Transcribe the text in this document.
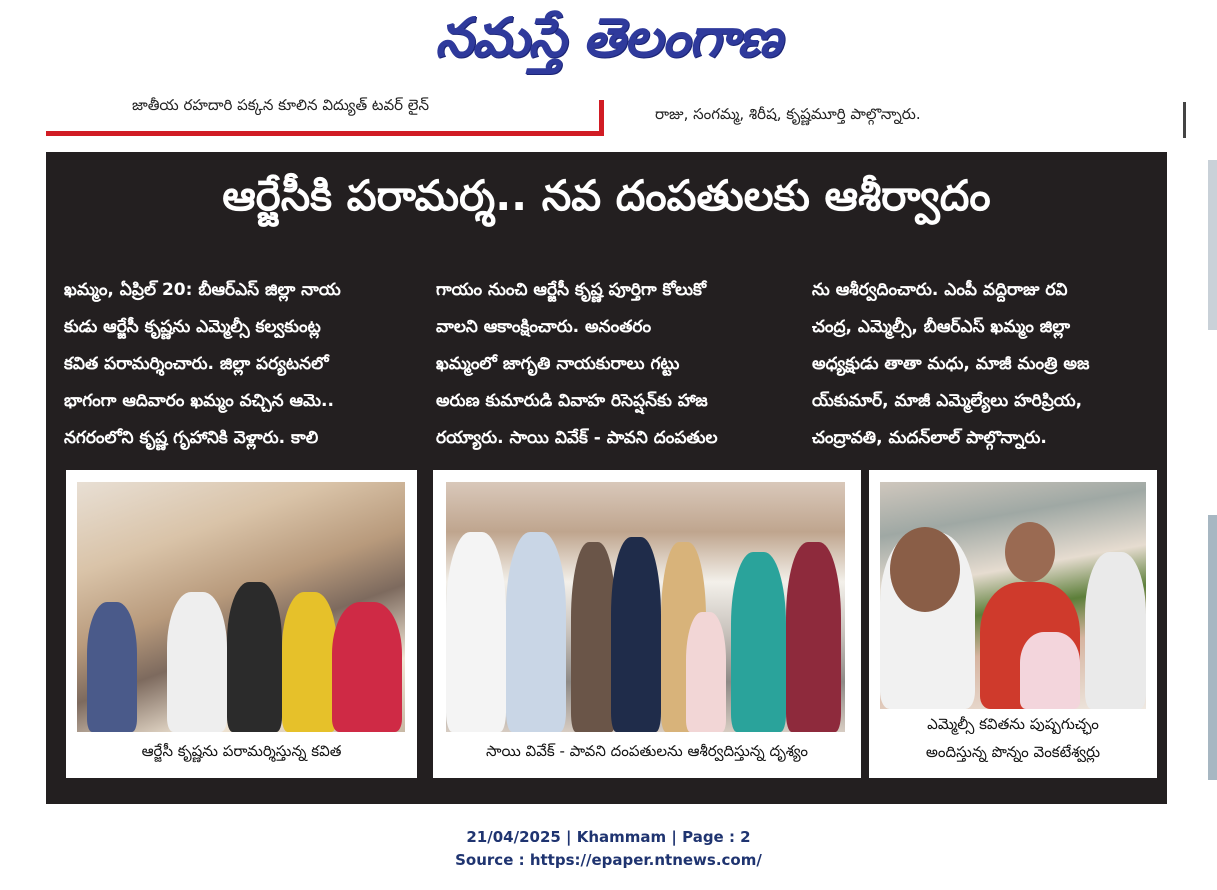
నమస్తే తెలంగాణ
జాతీయ రహదారి పక్కన కూలిన విద్యుత్ టవర్ లైన్	రాజు, సంగమ్మ, శిరీష, కృష్ణమూర్తి పాల్గొన్నారు.
ఆర్జేసీకి పరామర్శ.. నవ దంపతులకు ఆశీర్వాదం
ఖమ్మం, ఏప్రిల్ 20: బీఆర్ఎస్ జిల్లా నాయ
కుడు ఆర్జేసీ కృష్ణను ఎమ్మెల్సీ కల్వకుంట్ల
కవిత పరామర్శించారు. జిల్లా పర్యటనలో
భాగంగా ఆదివారం ఖమ్మం వచ్చిన ఆమె..
నగరంలోని కృష్ణ గృహానికి వెళ్లారు. కాలి
గాయం నుంచి ఆర్జేసీ కృష్ణ పూర్తిగా కోలుకో
వాలని ఆకాంక్షించారు. అనంతరం
ఖమ్మంలో జాగృతి నాయకురాలు గట్టు
అరుణ కుమారుడి వివాహ రిసెప్షన్‌కు హాజ
రయ్యారు. సాయి వివేక్ - పావని దంపతుల
ను ఆశీర్వదించారు. ఎంపీ వద్దిరాజు రవి
చంద్ర, ఎమ్మెల్సీ, బీఆర్ఎస్ ఖమ్మం జిల్లా
అధ్యక్షుడు తాతా మధు, మాజీ మంత్రి అజ
య్‌కుమార్, మాజీ ఎమ్మెల్యేలు హరిప్రియ,
చంద్రావతి, మదన్‌లాల్ పాల్గొన్నారు.
ఆర్జేసీ కృష్ణను పరామర్శిస్తున్న కవిత	సాయి వివేక్ - పావని దంపతులను ఆశీర్వదిస్తున్న దృశ్యం
ఎమ్మెల్సీ కవితను పుష్పగుచ్ఛం
అందిస్తున్న పొన్నం వెంకటేశ్వర్లు
21/04/2025 | Khammam | Page : 2
Source : https://epaper.ntnews.com/
